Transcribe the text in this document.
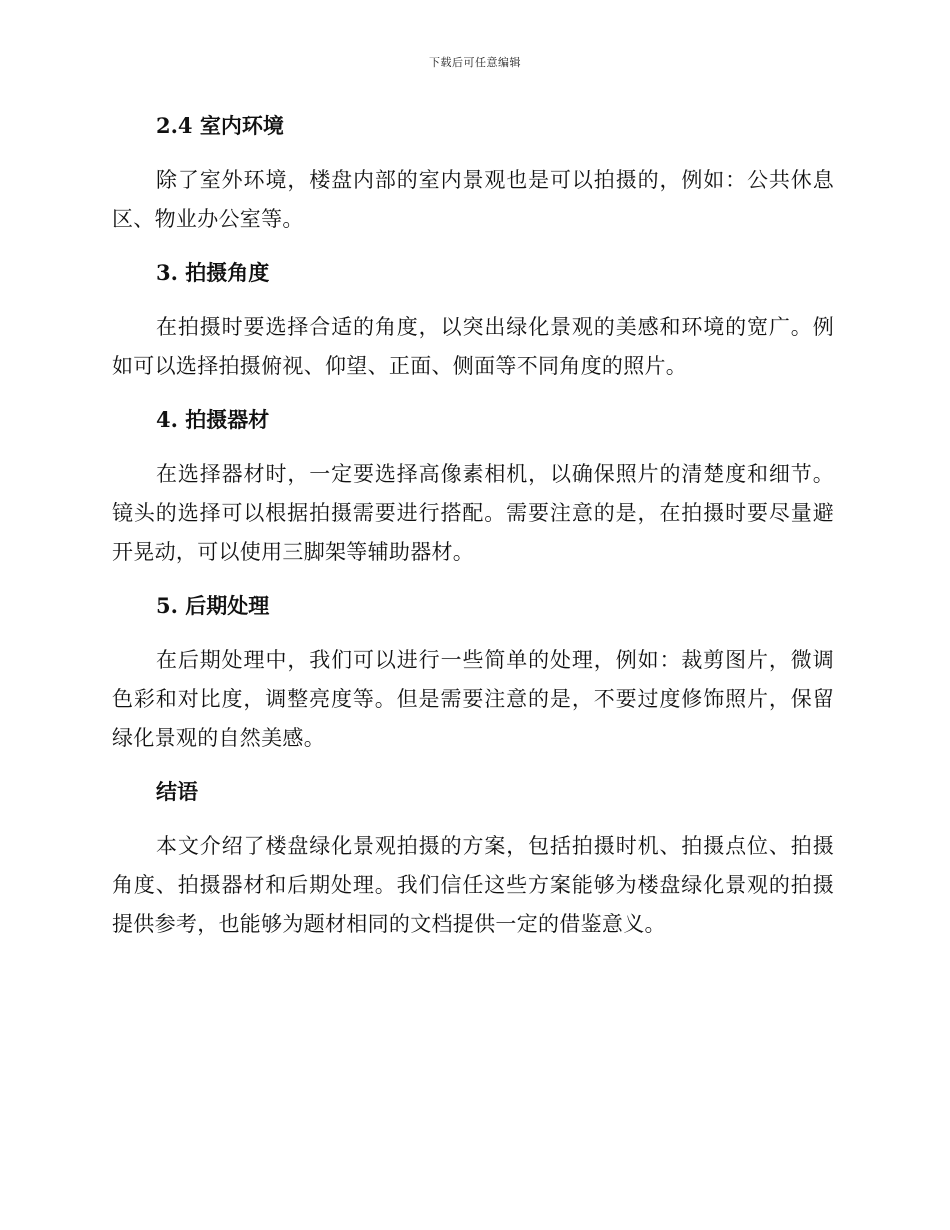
下载后可任意编辑
2.4 室内环境

除了室外环境，楼盘内部的室内景观也是可以拍摄的，例如：公共休息区、物业办公室等。

3. 拍摄角度

在拍摄时要选择合适的角度，以突出绿化景观的美感和环境的宽广。例如可以选择拍摄俯视、仰望、正面、侧面等不同角度的照片。

4. 拍摄器材

在选择器材时，一定要选择高像素相机，以确保照片的清楚度和细节。镜头的选择可以根据拍摄需要进行搭配。需要注意的是，在拍摄时要尽量避开晃动，可以使用三脚架等辅助器材。

5. 后期处理

在后期处理中，我们可以进行一些简单的处理，例如：裁剪图片，微调色彩和对比度，调整亮度等。但是需要注意的是，不要过度修饰照片，保留绿化景观的自然美感。

结语

本文介绍了楼盘绿化景观拍摄的方案，包括拍摄时机、拍摄点位、拍摄角度、拍摄器材和后期处理。我们信任这些方案能够为楼盘绿化景观的拍摄提供参考，也能够为题材相同的文档提供一定的借鉴意义。
